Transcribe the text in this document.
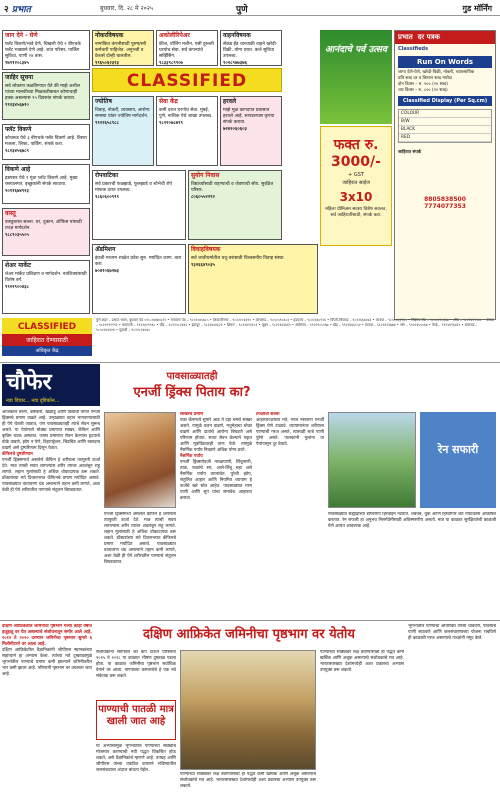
२ प्रभात	बुधवार, दि. २८ मे २०२५	पुणे	गुड मॉर्निंग
CLASSIFIED
जाग देने - घेणे
फ्लॅट विकणे/भाडे देणे, चिखली येथे २ बीएचके फ्लॅट भाड्याने देणे आहे. शांत परिसर, पार्किंग सुविधा, पाणी २४ तास.
९७९१२०८३४५
जाहिर सूचना
सर्व लोकांना कळविण्यात येते की माझे अशील यांच्या मालकीच्या मिळकतीबाबत कोणाचाही हक्क असल्यास १५ दिवसांत संपर्क करावा.
९९२३४५६७१०
फ्लॅट विकणे
कोथरूड येथे ३ बीएचके फ्लॅट विकणे आहे. तिसरा मजला, लिफ्ट, पार्किंग. संपर्क करा.
९८२३४५६७८९
विकणे आहे
हडपसर येथे १ गुंठा प्लॉट विकणे आहे. मुख्य रस्त्यालगत. इच्छुकांनी संपर्क साधावा.
९०११६७४९२३
वास्तू
वास्तुशास्त्र सल्ला. घर, दुकान, ऑफिस यांसाठी तज्ज्ञ मार्गदर्शन.
९८८९०३५५०५
शेअर मार्केट
शेअर मार्केट प्रशिक्षण व मार्गदर्शन. नवशिक्यांसाठी विशेष वर्ग.
९९२२९००४३८
नोकरविषयक
नामांकित कंपनीसाठी पुरुष/स्त्री कर्मचारी पाहिजेत. अनुभवी व फ्रेशर्स दोन्ही चालतील.
९९६५०६२३२३
अकोलीरिपेअर
फ्रीज, वॉशिंग मशीन, एसी दुरुस्ती घरपोच सेवा. सर्व कंपन्यांचे सर्व्हिसिंग.
९८३३९८९९०७
वाहनविषयक
सेकंड हँड चारचाकी वाहने खरेदी-विक्री. योग्य दरात. कर्ज सुविधा उपलब्ध.
९०२८९७७३७६
ज्योतिष
विवाह, नोकरी, व्यवसाय, आरोग्य समस्या यांवर ज्योतिष मार्गदर्शन.
९९२२६५८९८८
सेवा केंद्र
कमी दरात घरपोच सेवा. मुंबई, पुणे, नाशिक येथे शाखा उपलब्ध.
९८२२०७८७९९
हरवले
माझे मूळ कागदपत्र प्रवासात हरवले आहे. सापडल्यास कृपया संपर्क करावा.
७२४२०६०६०३
रोपवाटिका
सर्व प्रकारची फळझाडे, फुलझाडे व शोभेची रोपे माफक दरात उपलब्ध.
९८६०६००९९९
सुयोग निवास
विद्यार्थ्यांसाठी राहण्याची व जेवणाची सोय. सुरक्षित परिसर.
८०६०५५२२९२
ॲडमिशन
इंग्रजी माध्यम शाळेत प्रवेश सुरु. मर्यादित जागा. त्वरा करा.
७०४१०६७२७३
विवाहविषयक
सर्व जातीधर्मातील वधू-वरांसाठी विश्वसनीय विवाह संस्था.
९३२६६४९०३५
आनंदाचे पर्व उत्सव
फक्त रु. 3000/-
+ GST
जाहिरात साईज
3x10
महिला प्रीमिअम सदस्य विशेष सवलत, सर्व जाहिरातींसाठी, संपर्क करा.
प्रभात दर पत्रक
Classifieds
Run On Words
जागा देणे-घेणे, खरेदी-विक्री, नोकरी, व्यावसायिक
प्रति शब्द दर व किमान शब्द मर्यादा
दोन दिवस – रु. ५०० (२० शब्द)
चार दिवस – रु. ८०० (२० शब्द)
Classified Display (Per Sq.cm)
COLOUR
B/W
BLACK
RED
जाहिरात संपर्क
8805838500
7774077353
CLASSIFIED
जाहिरात देण्यासाठी
अधिकृत केंद्र
पुणे शहर – प्रभात भवन, बुधवार पेठ ०२०-२४४७५५१२ • नारायण पेठ – ९८२२०४५७८५ • शिवाजीनगर – ९८२२२०३६९० • कोथरूड – ९८५०५९८४८३ • हडपसर – ९८२२३६०९२६ • पिंपरी-चिंचवड – ९८२२६६४०४३ • कात्रज – ९८५००४३९६५ • सिंहगड रोड – ९८५०६१८६६७ • औंध – ९८२२४२१५४८ • वाकड – ९८२२९९१९९१ • बारामती – ९९२२४२९९६० • दौंड – ९८२२०८२४६२ • इंदापूर – ९८२२४५४६२२ • शिरूर – ९८२२४१३१८१ • जुन्नर – ९८२२१६३६६९ • आंबेगाव – ९९२२९८५२६७ • खेड – ९९२२४६६८५२ • मावळ – ९८२२६१३७७४ • भोर – ९९२२३५५०६७ • वेल्हे – ९९२२४९६४२२ • सासवड – ९८५०२४१४२४ • मुळशी – ९८२२८२४०६०
चौफेर
नवा विचार... नवा दृष्टिकोन...
पावसाळ्यातही
एनर्जी ड्रिंक्स पिताय का?
आजकाल तरुण, कष्टकरी, खेळाडू आणि विद्यार्थी वर्गात एनर्जी ड्रिंक्सचे प्रमाण वाढले आहे. उन्हाळ्यात तहान भागवण्यासाठी ही पेये घेतली जातात, पण पावसाळ्यातही त्याचे सेवन सुरूच असते. या पेयांमध्ये मोठ्या प्रमाणात साखर, कॅफिन आणि कृत्रिम घटक असतात. जास्त प्रमाणात सेवन केल्यास हृदयाचे ठोके वाढणे, झोप न येणे, डिहायड्रेशन, चिडचिड आणि रक्तदाब वाढणे असे दुष्परिणाम दिसून येतात.
कॅफिनचे दुष्परिणाम
एनर्जी ड्रिंक्समध्ये असलेले कॅफिन हे शरीराला तात्पुरती ऊर्जा देते. मात्र त्याची सवय लागल्यास शरीर त्यावर अवलंबून राहू लागते. लहान मुलांसाठी हे अधिक धोकादायक ठरू शकते. डॉक्टरांच्या मते दिवसभरात कॅफिनचे प्रमाण मर्यादित असावे. पावसाळ्यात वातावरण थंड असल्याने तहान कमी लागते, अशा वेळी ही पेये शरीरातील पाण्याचे संतुलन बिघडवतात.
साखरेचे प्रमाण
एका कॅनमध्ये सुमारे आठ ते दहा चमचे साखर असते. यामुळे वजन वाढणे, मधुमेहाचा धोका वाढणे आणि दातांचे आरोग्य बिघडणे असे परिणाम होतात. सतत सेवन केल्याने यकृत आणि मूत्रपिंडावरही ताण येतो. त्यामुळे नैसर्गिक पर्याय निवडणे अधिक योग्य ठरते.
नैसर्गिक पर्याय
एनर्जी ड्रिंक्सऐवजी नारळपाणी, लिंबूपाणी, ताक, फळांचे रस, आले-लिंबू चहा असे नैसर्गिक पर्याय वापरावेत. पुरेशी झोप, संतुलित आहार आणि नियमित व्यायाम हे ऊर्जेचे खरे स्रोत आहेत. पावसाळ्यात गरम पाणी आणि सूप यांचा समावेश आहारात करावा.
तज्ज्ञांचा सल्ला
आहारतज्ज्ञांच्या मते, गरज नसताना एनर्जी ड्रिंक्स घेणे टाळावे. व्यायामानंतर शरीराला पाण्याची गरज असते, त्यासाठी साधे पाणी पुरेसे असते. पालकांनी मुलांना या पेयांपासून दूर ठेवावे.	रेन सफारी
एनर्जी ड्रिंक्समध्ये असलेले कॅफिन हे शरीराला तात्पुरती ऊर्जा देते. मात्र त्याची सवय लागल्यास शरीर त्यावर अवलंबून राहू लागते. लहान मुलांसाठी हे अधिक धोकादायक ठरू शकते. डॉक्टरांच्या मते दिवसभरात कॅफिनचे प्रमाण मर्यादित असावे. पावसाळ्यात वातावरण थंड असल्याने तहान कमी लागते, अशा वेळी ही पेये शरीरातील पाण्याचे संतुलन बिघडवतात.
पावसाळ्यात सह्याद्रीच्या डोंगररांगा हिरवाईने नटतात. धबधबे, धुके आणि हिरवीगार शेते पर्यटकांना आकर्षित करतात. रेन सफारी हा अनुभव निसर्गप्रेमींसाठी अविस्मरणीय असतो. मात्र या काळात सुरक्षिततेची काळजी घेणे अत्यंत आवश्यक आहे.
दक्षिण आफ्रिकेतील जमिनीचा पृष्ठभाग गेल्या काही वर्षांत हळूहळू वर येत असल्याचे संशोधनातून समोर आले आहे. २०१२ ते २०२० दरम्यान जमिनीचा पृष्ठभाग सुमारे ६ मिलीमीटरने वर आला आहे.
दक्षिण आफ्रिकेतील वैज्ञानिकांनी जीपीएस स्थानकांच्या सहाय्याने हा अभ्यास केला. त्यांच्या मते दुष्काळामुळे भूगर्भातील पाण्याचे प्रमाण कमी झाल्याने जमिनीवरील भार कमी झाला आहे. परिणामी पृष्ठभाग वर उचलला जात आहे.
दक्षिण आफ्रिकेत जमिनीचा पृष्ठभाग वर येतोय
संशोधकांनी सांगितले की केप टाऊन परिसरात २०१५ ते २०१८ या काळात भीषण दुष्काळ पडला होता. या काळात जमिनीचा पृष्ठभाग सर्वाधिक वेगाने वर आला. पाण्याच्या कमतरतेचे हे एक नवे संकेतक ठरू शकते.
पाण्याची पातळी मात्र खाली जात आहे
या अभ्यासामुळे भूगर्भातील पाण्याच्या साठ्याचे मोजमाप करण्याची नवी पद्धत विकसित होऊ शकते, असे वैज्ञानिकांचे म्हणणे आहे. उपग्रह आणि जीपीएस यांच्या एकत्रित वापराने भविष्यातील जलसंकटाचा अंदाज बांधता येईल.
पाण्याच्या साठ्यांवर लक्ष ठेवण्यासाठी ही पद्धत कमी खर्चिक आणि अचूक असल्याचे संशोधकांचे मत आहे. भारतासारख्या देशांमध्येही अशा प्रकारचा अभ्यास उपयुक्त ठरू शकतो.
पाण्याच्या साठ्यांवर लक्ष ठेवण्यासाठी ही पद्धत कमी खर्चिक आणि अचूक असल्याचे संशोधकांचे मत आहे. भारतासारख्या देशांमध्येही अशा प्रकारचा अभ्यास उपयुक्त ठरू शकतो.
भूगर्भातील पाण्याचा अतिरिक्त उपसा थांबवणे, पावसाचे पाणी साठवणे आणि जलसंधारणाच्या योजना राबविणे ही काळाची गरज असल्याचे तज्ज्ञांनी नमूद केले.
